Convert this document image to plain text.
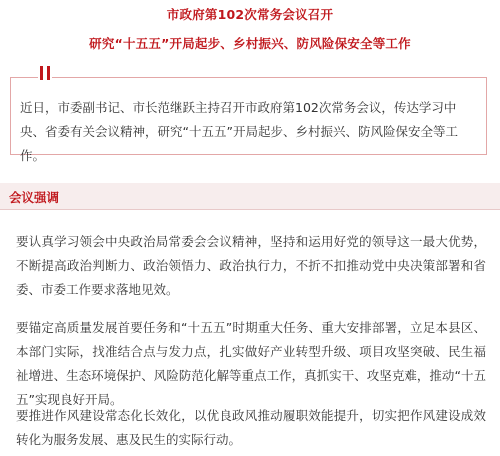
市政府第102次常务会议召开
研究“十五五”开局起步、乡村振兴、防风险保安全等工作
近日，市委副书记、市长范继跃主持召开市政府第102次常务会议，传达学习中央、省委有关会议精神，研究“十五五”开局起步、乡村振兴、防风险保安全等工作。
会议强调
要认真学习领会中央政治局常委会会议精神，坚持和运用好党的领导这一最大优势，不断提高政治判断力、政治领悟力、政治执行力，不折不扣推动党中央决策部署和省委、市委工作要求落地见效。
要锚定高质量发展首要任务和“十五五”时期重大任务、重大安排部署，立足本县区、本部门实际，找准结合点与发力点，扎实做好产业转型升级、项目攻坚突破、民生福祉增进、生态环境保护、风险防范化解等重点工作，真抓实干、攻坚克难，推动“十五五”实现良好开局。
要推进作风建设常态化长效化，以优良政风推动履职效能提升，切实把作风建设成效转化为服务发展、惠及民生的实际行动。
